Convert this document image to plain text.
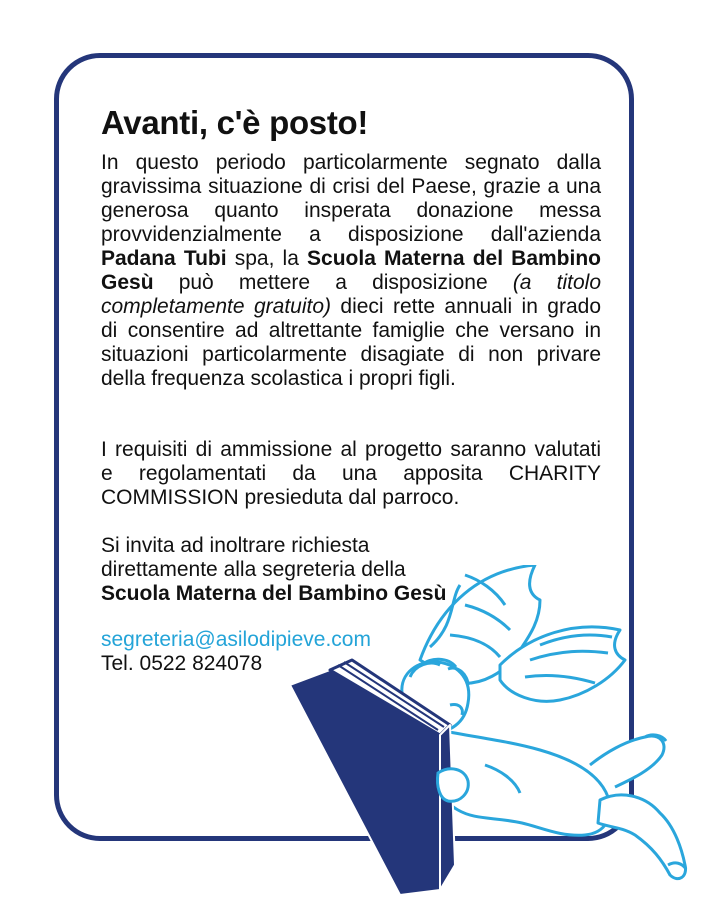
Avanti, c'è posto!

In questo periodo particolarmente segnato dalla gravissima situazione di crisi del Paese, grazie a una generosa quanto insperata donazione messa provvidenzialmente a disposizione dall'azienda Padana Tubi spa, la Scuola Materna del Bambino Gesù può mettere a disposizione (a titolo completamente gratuito) dieci rette annuali in grado di consentire ad altrettante famiglie che versano in situazioni particolarmente disagiate di non privare della frequenza scolastica i propri figli.

I requisiti di ammissione al progetto saranno valutati e regolamentati da una apposita CHARITY COMMISSION presieduta dal parroco.

Si invita ad inoltrare richiesta
direttamente alla segreteria della
Scuola Materna del Bambino Gesù

segreteria@asilodipieve.com
Tel. 0522 824078
